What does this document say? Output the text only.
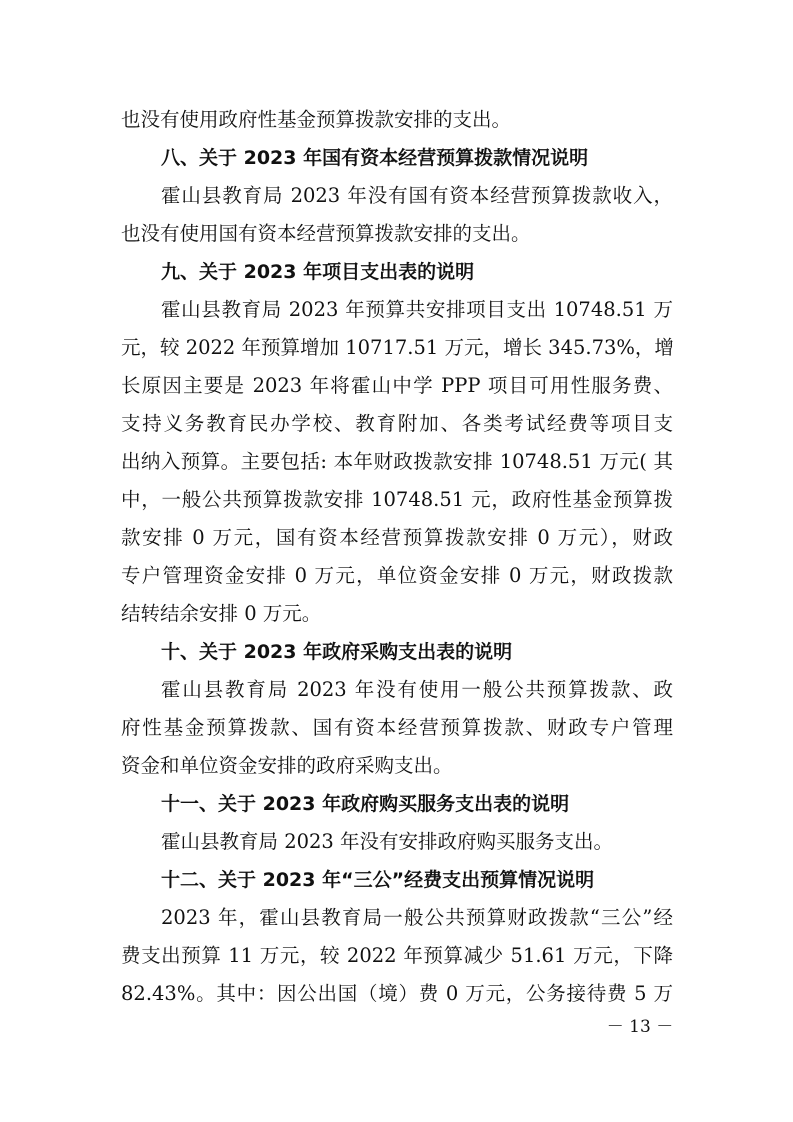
也没有使用政府性基金预算拨款安排的支出。
八、关于 2023 年国有资本经营预算拨款情况说明
霍山县教育局 2023 年没有国有资本经营预算拨款收入，
也没有使用国有资本经营预算拨款安排的支出。
九、关于 2023 年项目支出表的说明
霍山县教育局 2023 年预算共安排项目支出 10748.51 万
元，较 2022 年预算增加 10717.51 万元，增长 345.73%，增
长原因主要是 2023 年将霍山中学 PPP 项目可用性服务费、
支持义务教育民办学校、教育附加、各类考试经费等项目支
出纳入预算。主要包括: 本年财政拨款安排 10748.51 万元( 其
中，一般公共预算拨款安排 10748.51 元，政府性基金预算拨
款安排 0 万元，国有资本经营预算拨款安排 0 万元），财政
专户管理资金安排 0 万元，单位资金安排 0 万元，财政拨款
结转结余安排 0 万元。
十、关于 2023 年政府采购支出表的说明
霍山县教育局 2023 年没有使用一般公共预算拨款、政
府性基金预算拨款、国有资本经营预算拨款、财政专户管理
资金和单位资金安排的政府采购支出。
十一、关于 2023 年政府购买服务支出表的说明
霍山县教育局 2023 年没有安排政府购买服务支出。
十二、关于 2023 年“三公”经费支出预算情况说明
2023 年，霍山县教育局一般公共预算财政拨款“三公”经
费支出预算 11 万元，较 2022 年预算减少 51.61 万元，下降
82.43%。其中：因公出国（境）费 0 万元，公务接待费 5 万
－ 13 －
